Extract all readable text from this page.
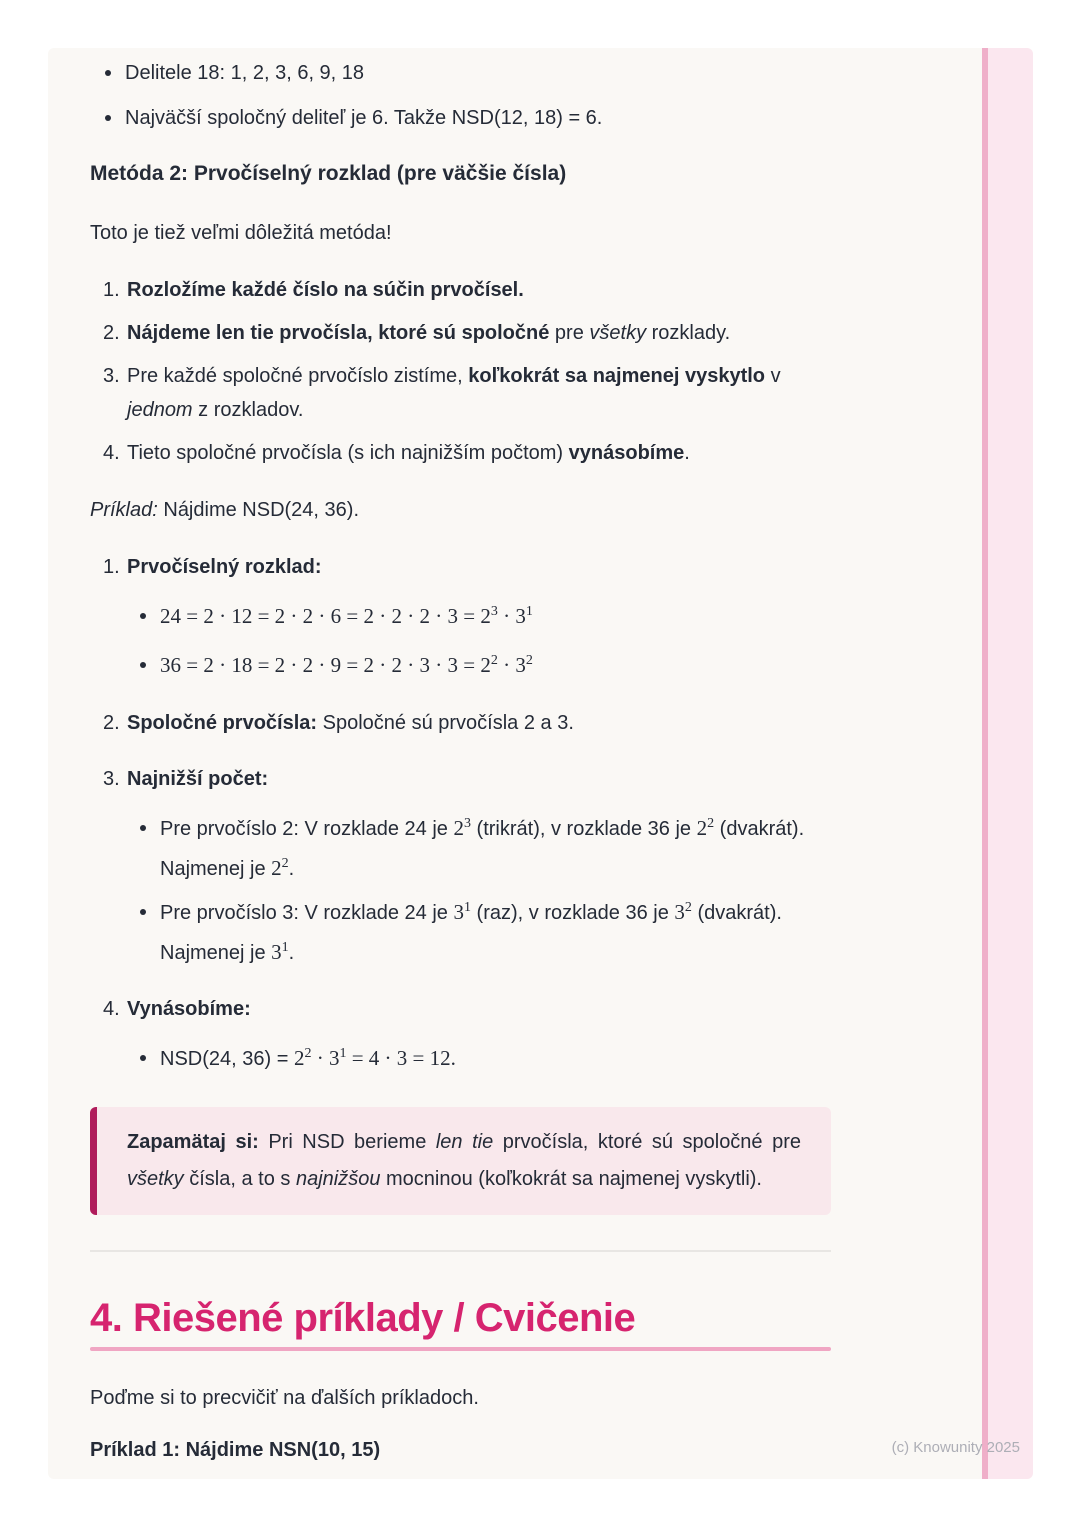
Delitele 18: 1, 2, 3, 6, 9, 18
Najväčší spoločný deliteľ je 6. Takže NSD(12, 18) = 6.
Metóda 2: Prvočíselný rozklad (pre väčšie čísla)

Toto je tiež veľmi dôležitá metóda!

1. Rozložíme každé číslo na súčin prvočísel.
2. Nájdeme len tie prvočísla, ktoré sú spoločné pre všetky rozklady.
3. Pre každé spoločné prvočíslo zistíme, koľkokrát sa najmenej vyskytlo v jednom z rozkladov.
4. Tieto spoločné prvočísla (s ich najnižším počtom) vynásobíme.

Príklad: Nájdime NSD(24, 36).

1. Prvočíselný rozklad:
$24 = 2 \cdot 12 = 2 \cdot 2 \cdot 6 = 2 \cdot 2 \cdot 2 \cdot 3 = 2^3 \cdot 3^1$
$36 = 2 \cdot 18 = 2 \cdot 2 \cdot 9 = 2 \cdot 2 \cdot 3 \cdot 3 = 2^2 \cdot 3^2$
2. Spoločné prvočísla: Spoločné sú prvočísla 2 a 3.
3. Najnižší počet:
Pre prvočíslo 2: V rozklade 24 je $2^3$ (trikrát), v rozklade 36 je $2^2$ (dvakrát). Najmenej je $2^2$.
Pre prvočíslo 3: V rozklade 24 je $3^1$ (raz), v rozklade 36 je $3^2$ (dvakrát). Najmenej je $3^1$.
4. Vynásobíme:
NSD(24, $36) = 2^2 \cdot 3^1 = 4 \cdot 3 = 12$.
Zapamätaj si: Pri NSD berieme len tie prvočísla, ktoré sú spoločné pre všetky čísla, a to s najnižšou mocninou (koľkokrát sa najmenej vyskytli).
4. Riešené príklady / Cvičenie

Poďme si to precvičiť na ďalších príkladoch.

Príklad 1: Nájdime NSN(10, 15)	(c) Knowunity 2025
